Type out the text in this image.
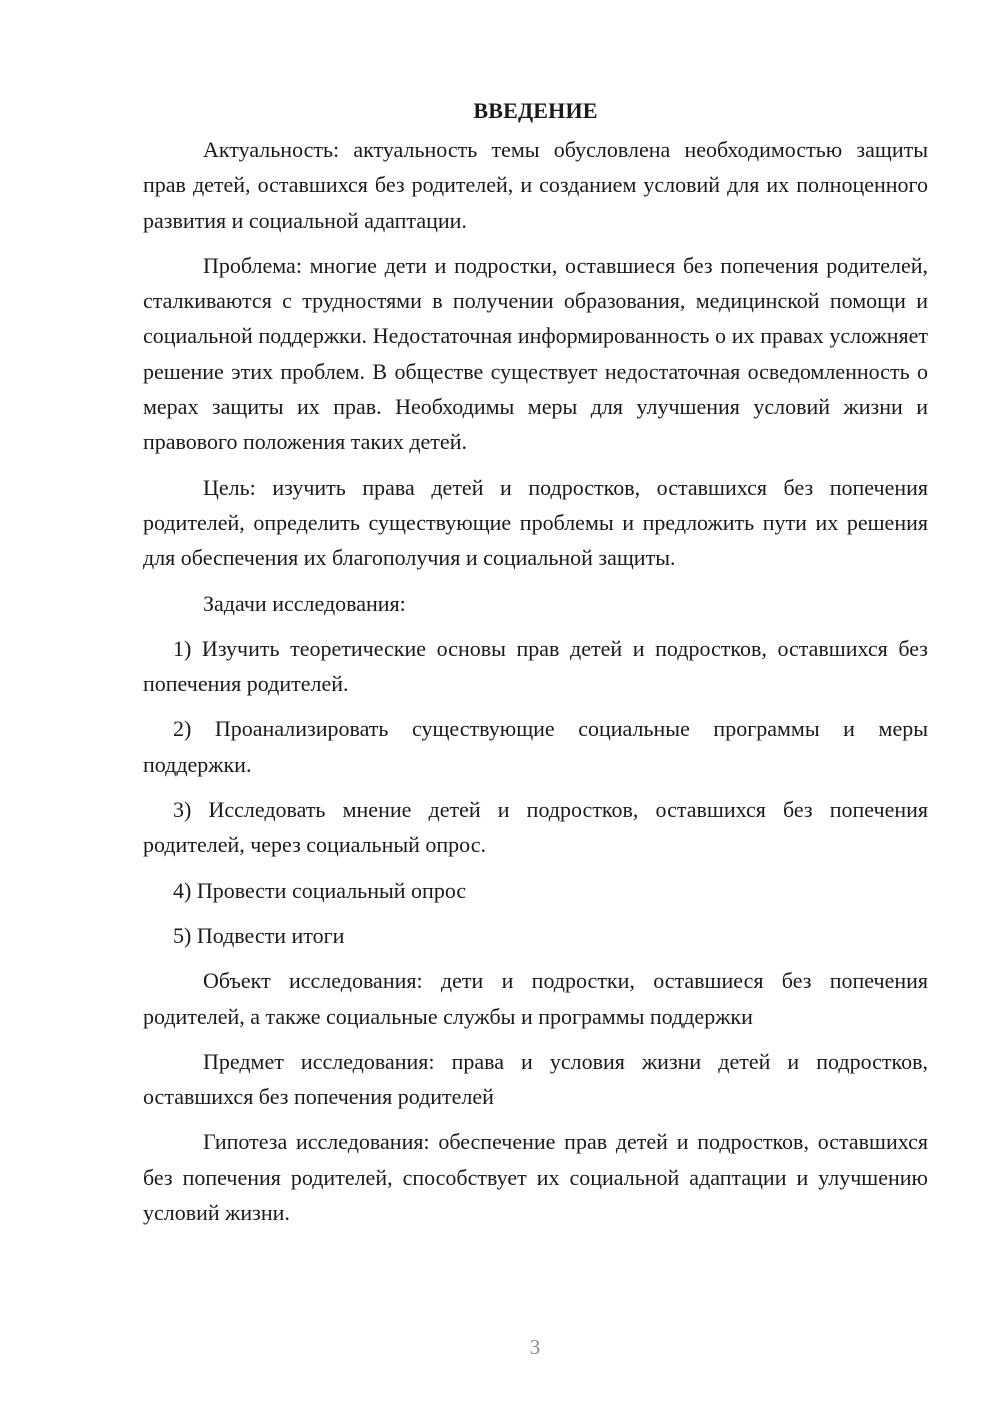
ВВЕДЕНИЕ

Актуальность: актуальность темы обусловлена необходимостью защиты прав детей, оставшихся без родителей, и созданием условий для их полноценного развития и социальной адаптации.

Проблема: многие дети и подростки, оставшиеся без попечения родителей, сталкиваются с трудностями в получении образования, медицинской помощи и социальной поддержки. Недостаточная информированность о их правах усложняет решение этих проблем. В обществе существует недостаточная осведомленность о мерах защиты их прав. Необходимы меры для улучшения условий жизни и правового положения таких детей.

Цель: изучить права детей и подростков, оставшихся без попечения родителей, определить существующие проблемы и предложить пути их решения для обеспечения их благополучия и социальной защиты.

Задачи исследования:

1) Изучить теоретические основы прав детей и подростков, оставшихся без попечения родителей.

2) Проанализировать существующие социальные программы и меры поддержки.

3) Исследовать мнение детей и подростков, оставшихся без попечения родителей, через социальный опрос.

4) Провести социальный опрос

5) Подвести итоги

Объект исследования: дети и подростки, оставшиеся без попечения родителей, а также социальные службы и программы поддержки

Предмет исследования: права и условия жизни детей и подростков, оставшихся без попечения родителей

Гипотеза исследования: обеспечение прав детей и подростков, оставшихся без попечения родителей, способствует их социальной адаптации и улучшению условий жизни.

3
